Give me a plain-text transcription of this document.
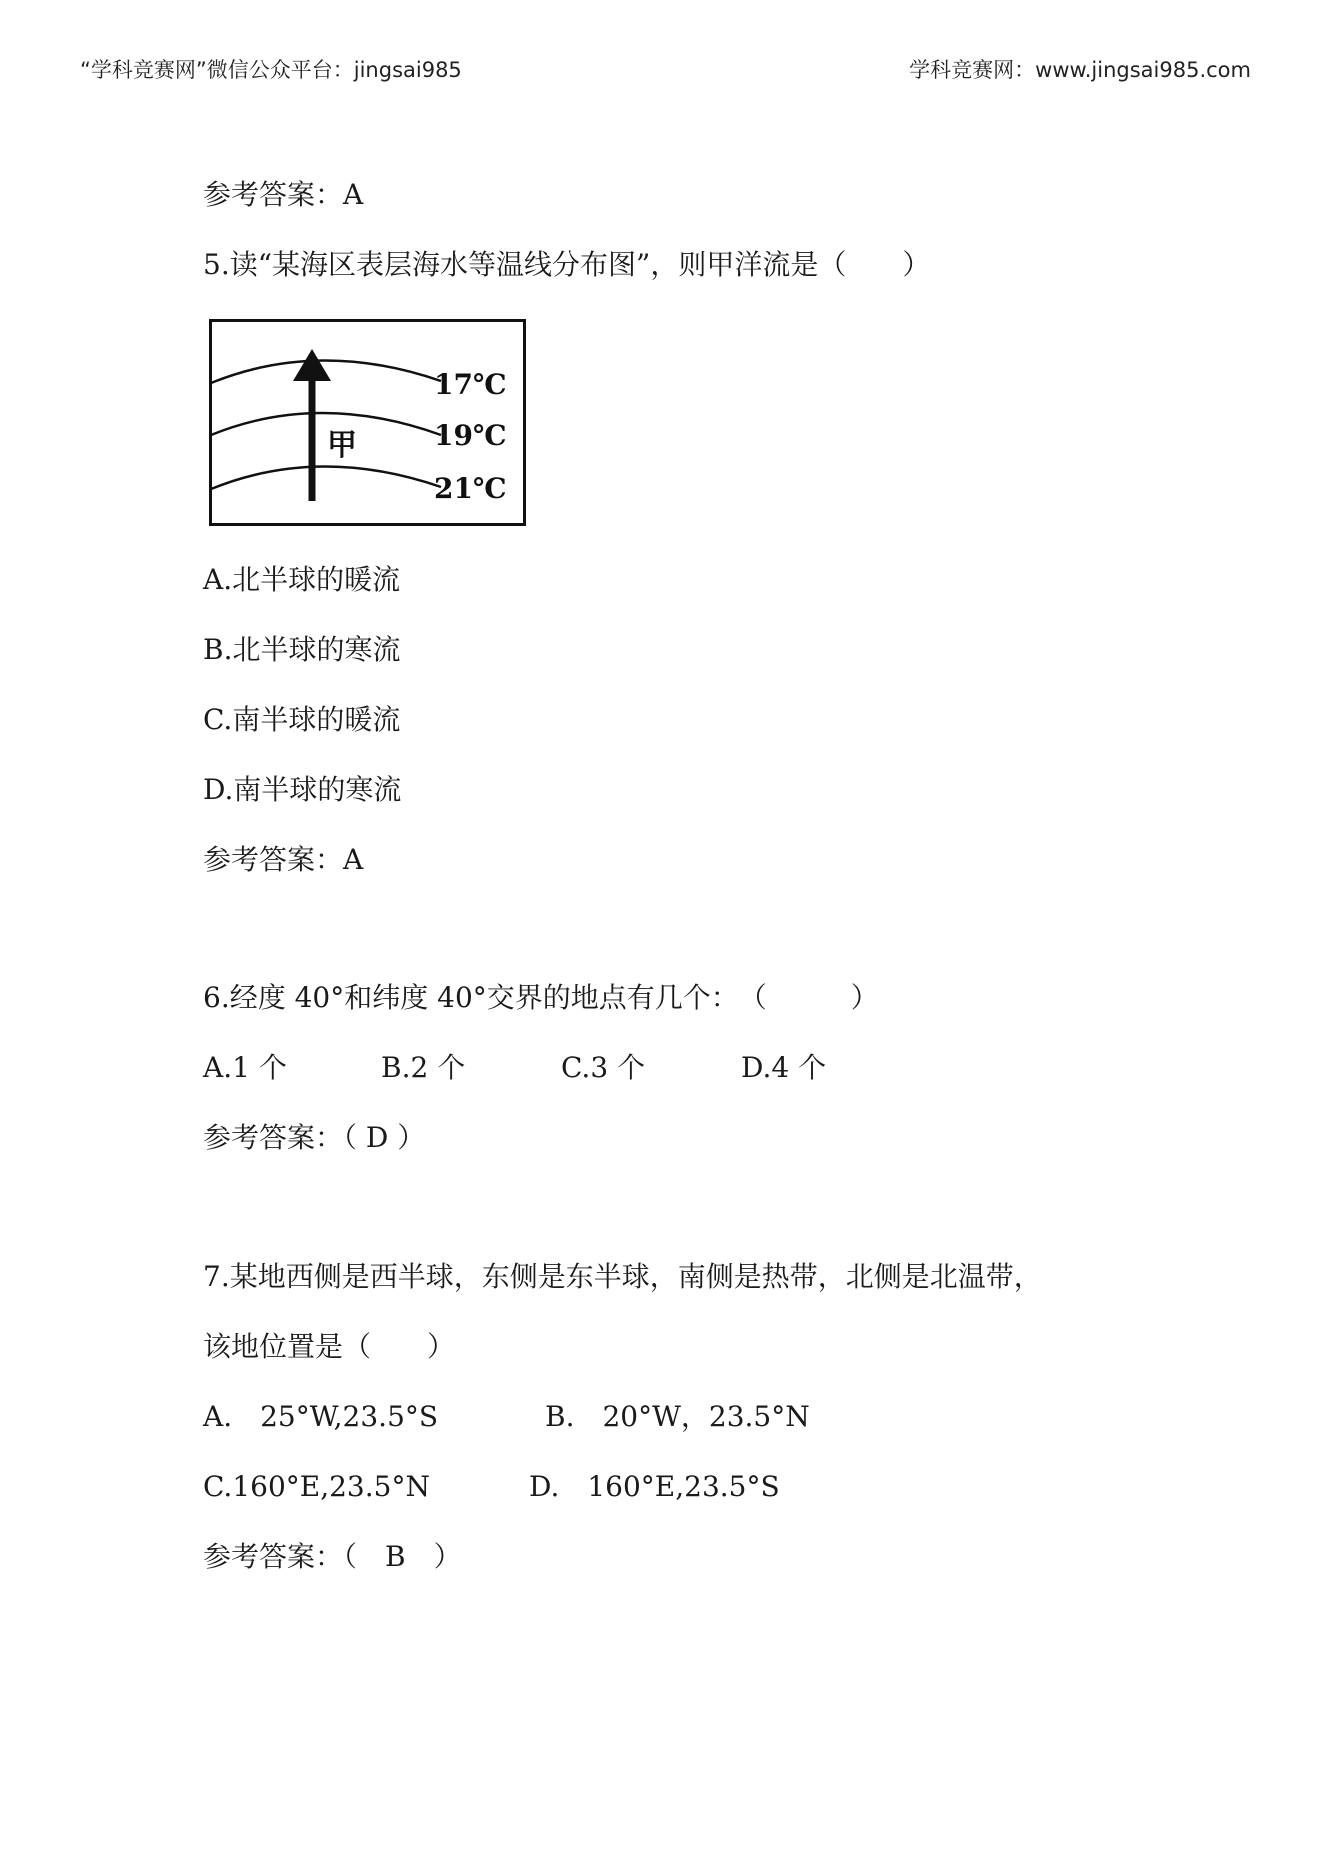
“学科竞赛网”微信公众平台：jingsai985	学科竞赛网：www.jingsai985.com
参考答案：A
5.读“某海区表层海水等温线分布图”，则甲洋流是（　　）
甲
17℃
19℃
21℃
A.北半球的暖流
B.北半球的寒流
C.南半球的暖流
D.南半球的寒流
参考答案：A
6.经度 40°和纬度 40°交界的地点有几个：　（　　　）
A.1 个	B.2 个	C.3 个	D.4 个
参考答案：（ D ）
7.某地西侧是西半球，东侧是东半球，南侧是热带，北侧是北温带，
该地位置是（　　）
A.　25°W,23.5°S	B.　20°W，23.5°N
C.160°E,23.5°N	D.　160°E,23.5°S
参考答案：（　B　）
